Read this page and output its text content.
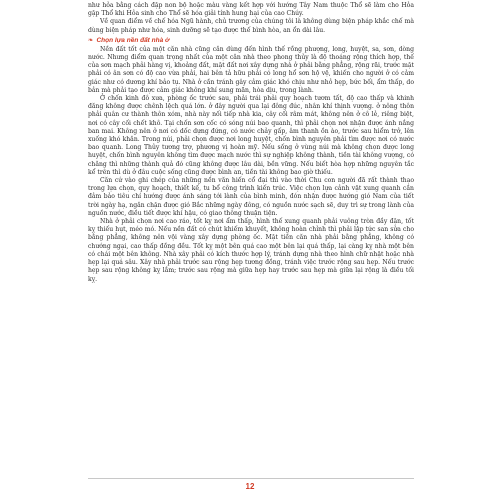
như hỏa bằng cách đặp non bộ hoặc màu vàng kết hợp với hướng Tây Nam thuộc Thổ sẽ làm cho Hỏa gặp Thổ khi Hỏa sinh cho Thổ sẽ hóa giải tính hung hại của cao Chúy.

Về quan điểm về chế hóa Ngũ hành, chủ trương của chúng tôi là không dùng biện pháp khắc chế mà dùng biện pháp như hóa, sinh dưỡng sẽ tạo được thế bình hòa, an ổn dài lâu.

❧ Chọn lựa nền đất nhà ở

Nền đất tốt của một căn nhà cũng căn dùng đến hình thế rồng phượng, long, huyệt, sa, sơn, dòng nước. Nhưng điểm quan trọng nhất của một căn nhà theo phong thủy là độ thoáng rộng thích hợp, thế của sơn mạch phải hàng vị, khoảng đất, mặt đất nơi xây dựng nhà ở phải bằng phẳng, rộng rãi, trước mặt phải có ân sơn có độ cao vừa phải, hai bên tả hữu phải có long hổ sơn hộ vệ, khiến cho người ở có cảm giác như có dương khí bảo tụ. Nhà ở cần tránh gây cảm giác khó chịu như nhỏ hẹp, bức bối, ẩm thấp, do bản mà phải tạo được cảm giác không khí sung mãn, hòa dịu, trong lành.

Ở chốn kinh đô xưa, phòng ốc trước sau, phải trái phải quy hoạch tươm tất, độ cao thấp và khinh đăng không được chênh lệch quá lớn. ở đây người qua lại đông đúc, nhân khí thịnh vượng. ở nông thôn phải quân cư thành thôn xóm, nhà này nối tiếp nhà kia, cây cối râm mát, không nên ở cô lẻ, riêng biệt, nơi có cây cối chết khô. Tại chốn sơn cốc có sóng núi bao quanh, thì phải chọn nơi nhận được ánh nắng ban mai. Không nên ở nơi có dốc dựng đứng, có nước chảy gấp, âm thanh ồn ào, trước sau hiểm trở, lên xuống khó khăn. Trong núi, phải chọn được nơi long huyệt, chốn bình nguyên phải tìm được nơi có nước bao quanh. Long Thủy tương trợ, phương vị hoàn mỹ. Nếu sống ở vùng núi mà không chọn được long huyệt, chốn bình nguyên không tìm được mạch nước thì sự nghiệp không thành, tiền tài không vượng, có chăng thì những thành quả đó cũng không được lâu dài, bền vững. Nếu biết hòa hợp những nguyên tắc kể trên thì dù ở đâu cuộc sống cũng được bình an, tiền tài không bao giờ thiếu.

Căn cứ vào ghi chép của những nền văn hiến cổ đại thì vào thời Chu con người đã rất thành thạo trong lựa chọn, quy hoạch, thiết kế, tu bổ công trình kiến trúc. Việc chọn lựa cảnh vật xung quanh cần đảm bảo tiêu chí hướng được ánh sáng tới lành của bình minh, đón nhận được hướng gió Nam của tiết trời ngày hạ, ngăn chặn được gió Bắc những ngày đông, có nguồn nước sạch sẽ, duy trì sự trong lành của nguồn nước, điều tiết được khí hậu, có giao thông thuận tiện.

Nhà ở phải chọn nơi cao ráo, tốt kỵ nơi ẩm thấp, hình thế xung quanh phải vuông tròn đầy đặn, tốt kỵ thiếu hụt, méo mó. Nếu nền đất có chút khiếm khuyết, không hoàn chỉnh thì phải lập tức san sửa cho bằng phẳng, không nên vội vàng xây dựng phòng ốc. Mặt tiền căn nhà phải bằng phẳng, không có chướng ngại, cao thấp đồng đều. Tốt kỵ một bên quá cao một bên lại quá thấp, lại càng kỵ nhà một bên có chái một bên không. Nhà xây phải có kích thước hợp lý, tránh dựng nhà theo hình chữ nhật hoặc nhà hẹp lại quá sâu. Xây nhà phải trước sau rộng hẹp tương đồng, tránh việc trước rộng sau hẹp. Nếu trước hẹp sau rộng không kỵ lắm; trước sau rộng mà giữa hẹp hay trước sau hẹp mà giữa lại rộng là điều tối kỵ.

12
